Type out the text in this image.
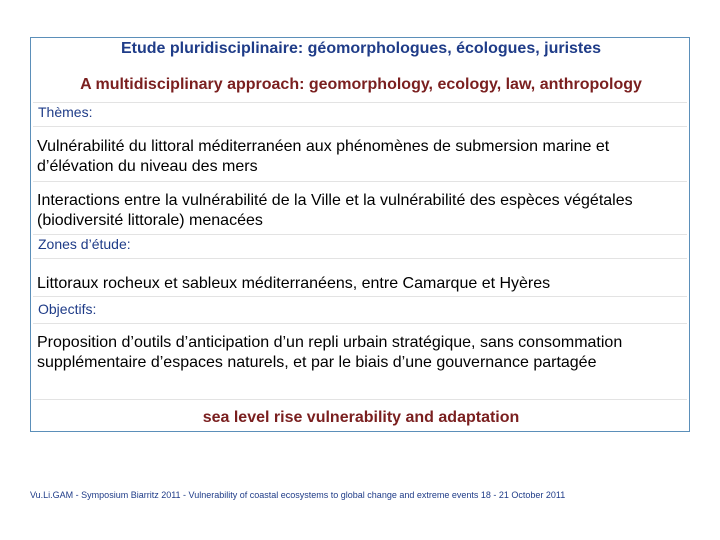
Etude pluridisciplinaire: géomorphologues, écologues, juristes
A multidisciplinary approach: geomorphology, ecology, law, anthropology
Thèmes:
Vulnérabilité du littoral méditerranéen aux phénomènes de submersion marine et d’élévation du niveau des mers
Interactions entre la vulnérabilité de la Ville et la vulnérabilité des espèces végétales (biodiversité littorale) menacées
Zones d’étude:
Littoraux rocheux et sableux méditerranéens, entre Camarque et Hyères
Objectifs:
Proposition d’outils d’anticipation d’un repli urbain stratégique, sans consommation supplémentaire d’espaces naturels, et par le biais d’une gouvernance partagée
sea level rise vulnerability and adaptation
Vu.Li.GAM - Symposium Biarritz 2011 - Vulnerability of coastal ecosystems to global change and extreme events 18 - 21 October 2011
